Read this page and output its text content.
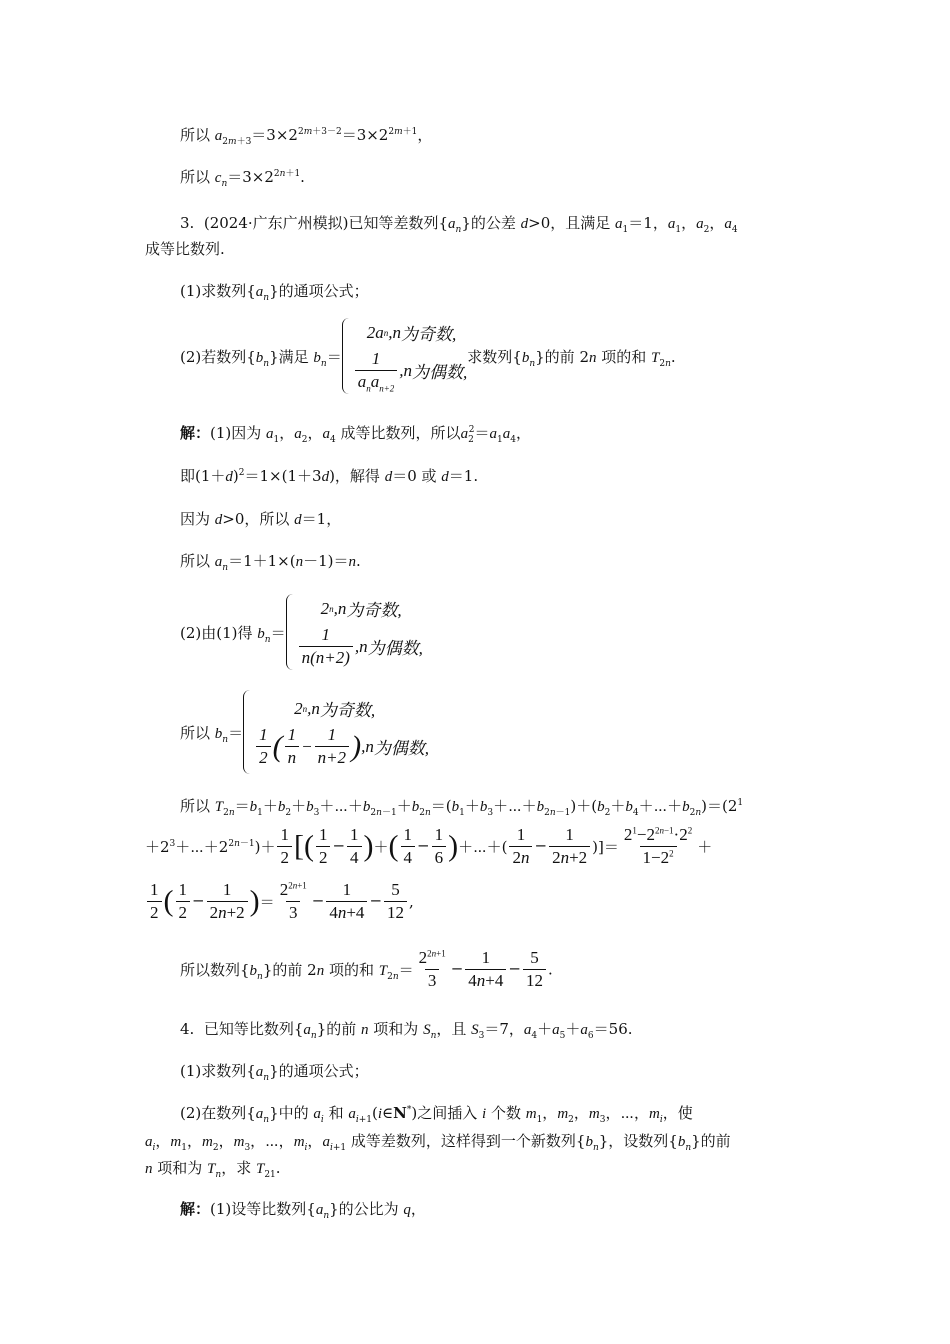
所以 $a_{2m+3}=3\times 2^{2m+3-2}=3\times 2^{2m+1}$，
所以 $c_n=3\times 2^{2n+1}$.
3.  (2024·广东广州模拟)已知等差数列$\{a_n\}$的公差 d>0，且满足 $a_1=1$，$a_1$，$a_2$，$a_4$
成等比数列.
(1)求数列$\{a_n\}$的通项公式；
(2)若数列$\{b_n\}$满足 $b_n=$
2 a n , n 为奇数,
1
$a_na_{n+2}$
, n 为偶数,
求数列$\{b_n\}$的前 2n 项的和 $T_{2n}$.
解：(1)因为 $a_1$，$a_2$，$a_4$ 成等比数列，所以$a_2^2=a_1a_4$，
即$(1+d)^2=1\times(1+3d)$，解得 d＝0 或 d＝1.
因为 d>0，所以 d＝1，
所以 $a_n=1+1\times(n-1)=n$.
(2)由(1)得 $b_n=$
2 n , n 为奇数,
1
n(n+2)
, n 为偶数,
所以 $b_n=$
2 n , n 为奇数,
1
2 ( 1
n
−
1
n+2 ) , n 为偶数,
所以 $T_{2n}=b_1+b_2+b_3+\cdots+b_{2n-1}+b_{2n}=(b_1+b_3+\cdots+b_{2n-1})+(b_2+b_4+\cdots+b_{2n})=(2^1$
$+2^3+\cdots+2^{2n-1})+ \frac{1}{2}$ [( $\frac{1}{2} - \frac{1}{4}$ )＋( $\frac{1}{4} - \frac{1}{6}$ )＋⋯＋( $\frac{1}{2n} - \frac{1}{2n+2}$ )]＝ $\frac{2^1-2^{2n-1}\cdot 2^2}{1-2^2}$ ＋
$\frac{1}{2}$ ( $\frac{1}{2} - \frac{1}{2n+2}$ )＝ $\frac{2^{2n+1}}{3} - \frac{1}{4n+4} - \frac{5}{12}$ ,
所以数列$\{b_n\}$的前 2n 项的和 $T_{2n}= \frac{2^{2n+1}}{3} - \frac{1}{4n+4} - \frac{5}{12}$ .
4.  已知等比数列$\{a_n\}$的前 n 项和为 $S_n$，且 $S_3=7$，$a_4+a_5+a_6=56$.
(1)求数列$\{a_n\}$的通项公式；
(2)在数列$\{a_n\}$中的 $a_i$ 和 $a_{i+1}(i\in N^*)$之间插入 i 个数 $m_1$，$m_2$，$m_3$，⋯，$m_i$，使
$a_i$，$m_1$，$m_2$，$m_3$，⋯，$m_i$，$a_{i+1}$ 成等差数列，这样得到一个新数列$\{b_n\}$，设数列$\{b_n\}$的前
n 项和为 $T_n$，求 $T_{21}$.
解：(1)设等比数列$\{a_n\}$的公比为 q，
